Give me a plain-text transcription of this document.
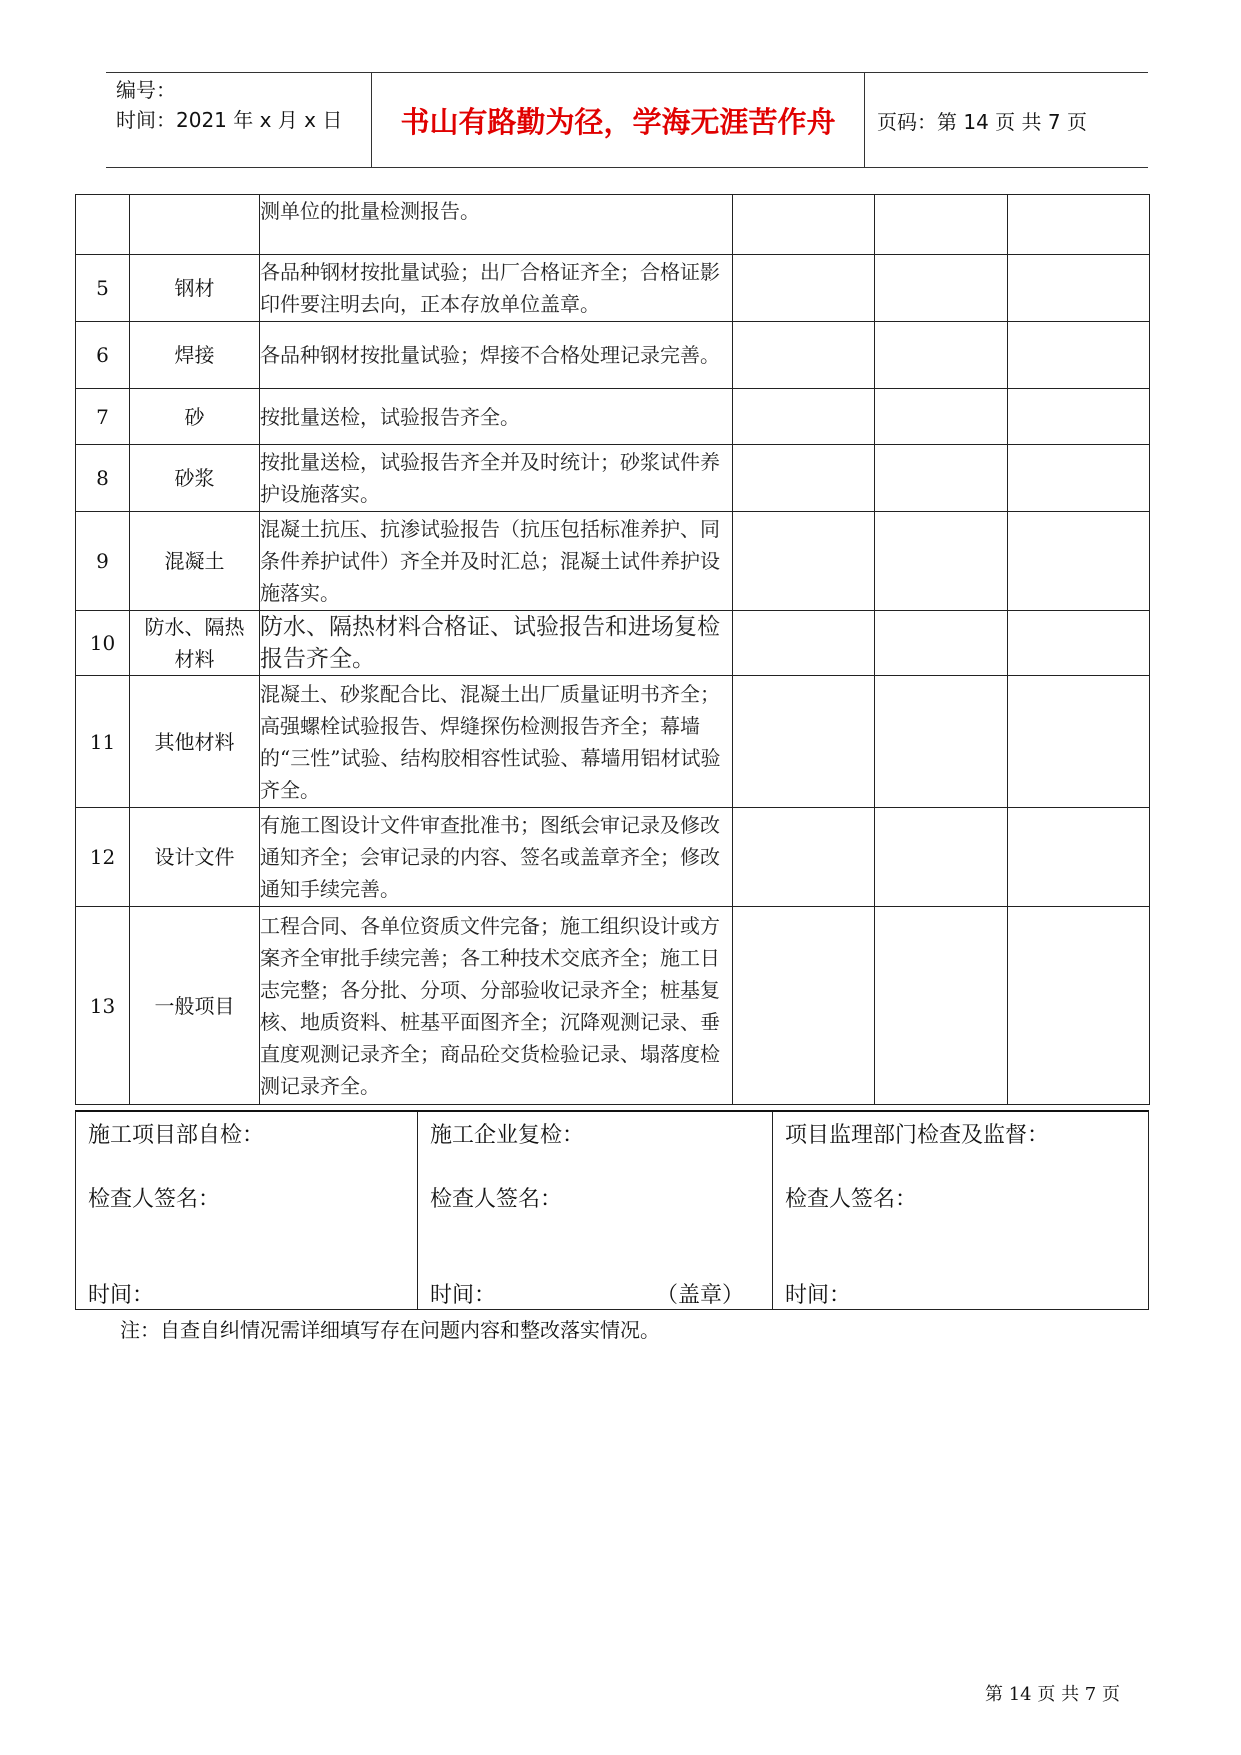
编号：
时间：2021 年 x 月 x 日	书山有路勤为径，学海无涯苦作舟	页码：第 14 页 共 7 页
		测单位的批量检测报告。			
5	钢材	各品种钢材按批量试验；出厂合格证齐全；合格证影印件要注明去向，正本存放单位盖章。			
6	焊接	各品种钢材按批量试验；焊接不合格处理记录完善。			
7	砂	按批量送检，试验报告齐全。			
8	砂浆	按批量送检，试验报告齐全并及时统计；砂浆试件养护设施落实。			
9	混凝土	混凝土抗压、抗渗试验报告（抗压包括标准养护、同条件养护试件）齐全并及时汇总；混凝土试件养护设施落实。			
10	防水、隔热材料	防水、隔热材料合格证、试验报告和进场复检报告齐全。			
11	其他材料	混凝土、砂浆配合比、混凝土出厂质量证明书齐全；高强螺栓试验报告、焊缝探伤检测报告齐全；幕墙的“三性”试验、结构胶相容性试验、幕墙用铝材试验齐全。			
12	设计文件	有施工图设计文件审查批准书；图纸会审记录及修改通知齐全；会审记录的内容、签名或盖章齐全；修改通知手续完善。			
13	一般项目	工程合同、各单位资质文件完备；施工组织设计或方案齐全审批手续完善；各工种技术交底齐全；施工日志完整；各分批、分项、分部验收记录齐全；桩基复核、地质资料、桩基平面图齐全；沉降观测记录、垂直度观测记录齐全；商品砼交货检验记录、塌落度检测记录齐全。			
施工项目部自检：
检查人签名：
时间：
施工企业复检：
检查人签名：
时间：	（盖章）
项目监理部门检查及监督：
检查人签名：
时间：
注：自查自纠情况需详细填写存在问题内容和整改落实情况。
第 14 页 共 7 页
